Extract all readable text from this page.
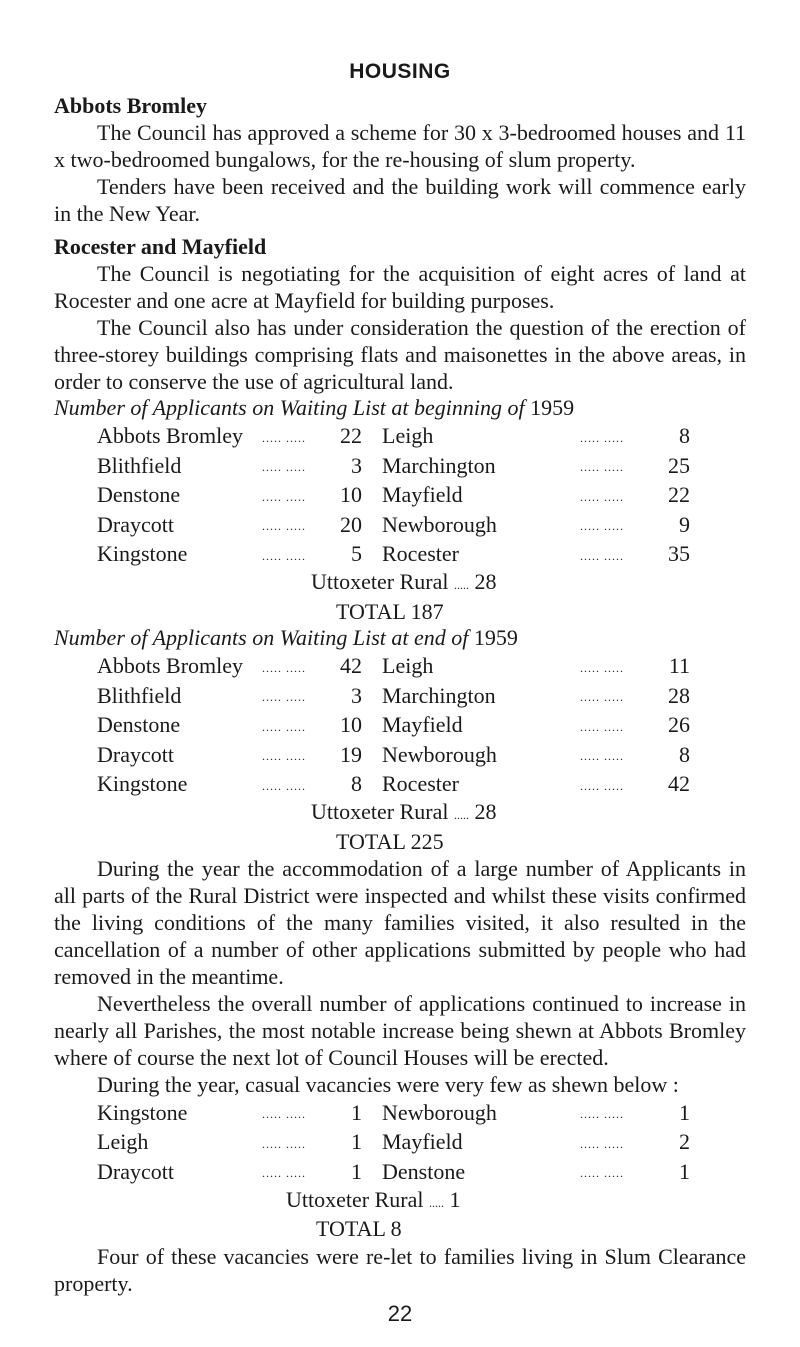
HOUSING
Abbots Bromley

The Council has approved a scheme for 30 x 3-bedroomed houses and 11 x two-bedroomed bungalows, for the re-housing of slum property.

Tenders have been received and the building work will commence early in the New Year.

Rocester and Mayfield

The Council is negotiating for the acquisition of eight acres of land at Rocester and one acre at Mayfield for building purposes.

The Council also has under consideration the question of the erection of three-storey buildings comprising flats and maisonettes in the above areas, in order to conserve the use of agricultural land.

Number of Applicants on Waiting List at beginning of 1959
Abbots Bromley	..... .....	22		Leigh	..... .....	8
Blithfield	..... .....	3		Marchington	..... .....	25
Denstone	..... .....	10		Mayfield	..... .....	22
Draycott	..... .....	20		Newborough	..... .....	9
Kingstone	..... .....	5		Rocester	..... .....	35
Uttoxeter Rural ..... 28
TOTAL 187
Number of Applicants on Waiting List at end of 1959
Abbots Bromley	..... .....	42		Leigh	..... .....	11
Blithfield	..... .....	3		Marchington	..... .....	28
Denstone	..... .....	10		Mayfield	..... .....	26
Draycott	..... .....	19		Newborough	..... .....	8
Kingstone	..... .....	8		Rocester	..... .....	42
Uttoxeter Rural ..... 28
TOTAL 225

During the year the accommodation of a large number of Applicants in all parts of the Rural District were inspected and whilst these visits confirmed the living conditions of the many families visited, it also resulted in the cancellation of a number of other applications submitted by people who had removed in the meantime.

Nevertheless the overall number of applications continued to increase in nearly all Parishes, the most notable increase being shewn at Abbots Bromley where of course the next lot of Council Houses will be erected.

During the year, casual vacancies were very few as shewn below :

Kingstone	..... .....	1		Newborough	..... .....	1
Leigh	..... .....	1		Mayfield	..... .....	2
Draycott	..... .....	1		Denstone	..... .....	1
Uttoxeter Rural ..... 1
TOTAL 8

Four of these vacancies were re-let to families living in Slum Clearance property.

22
